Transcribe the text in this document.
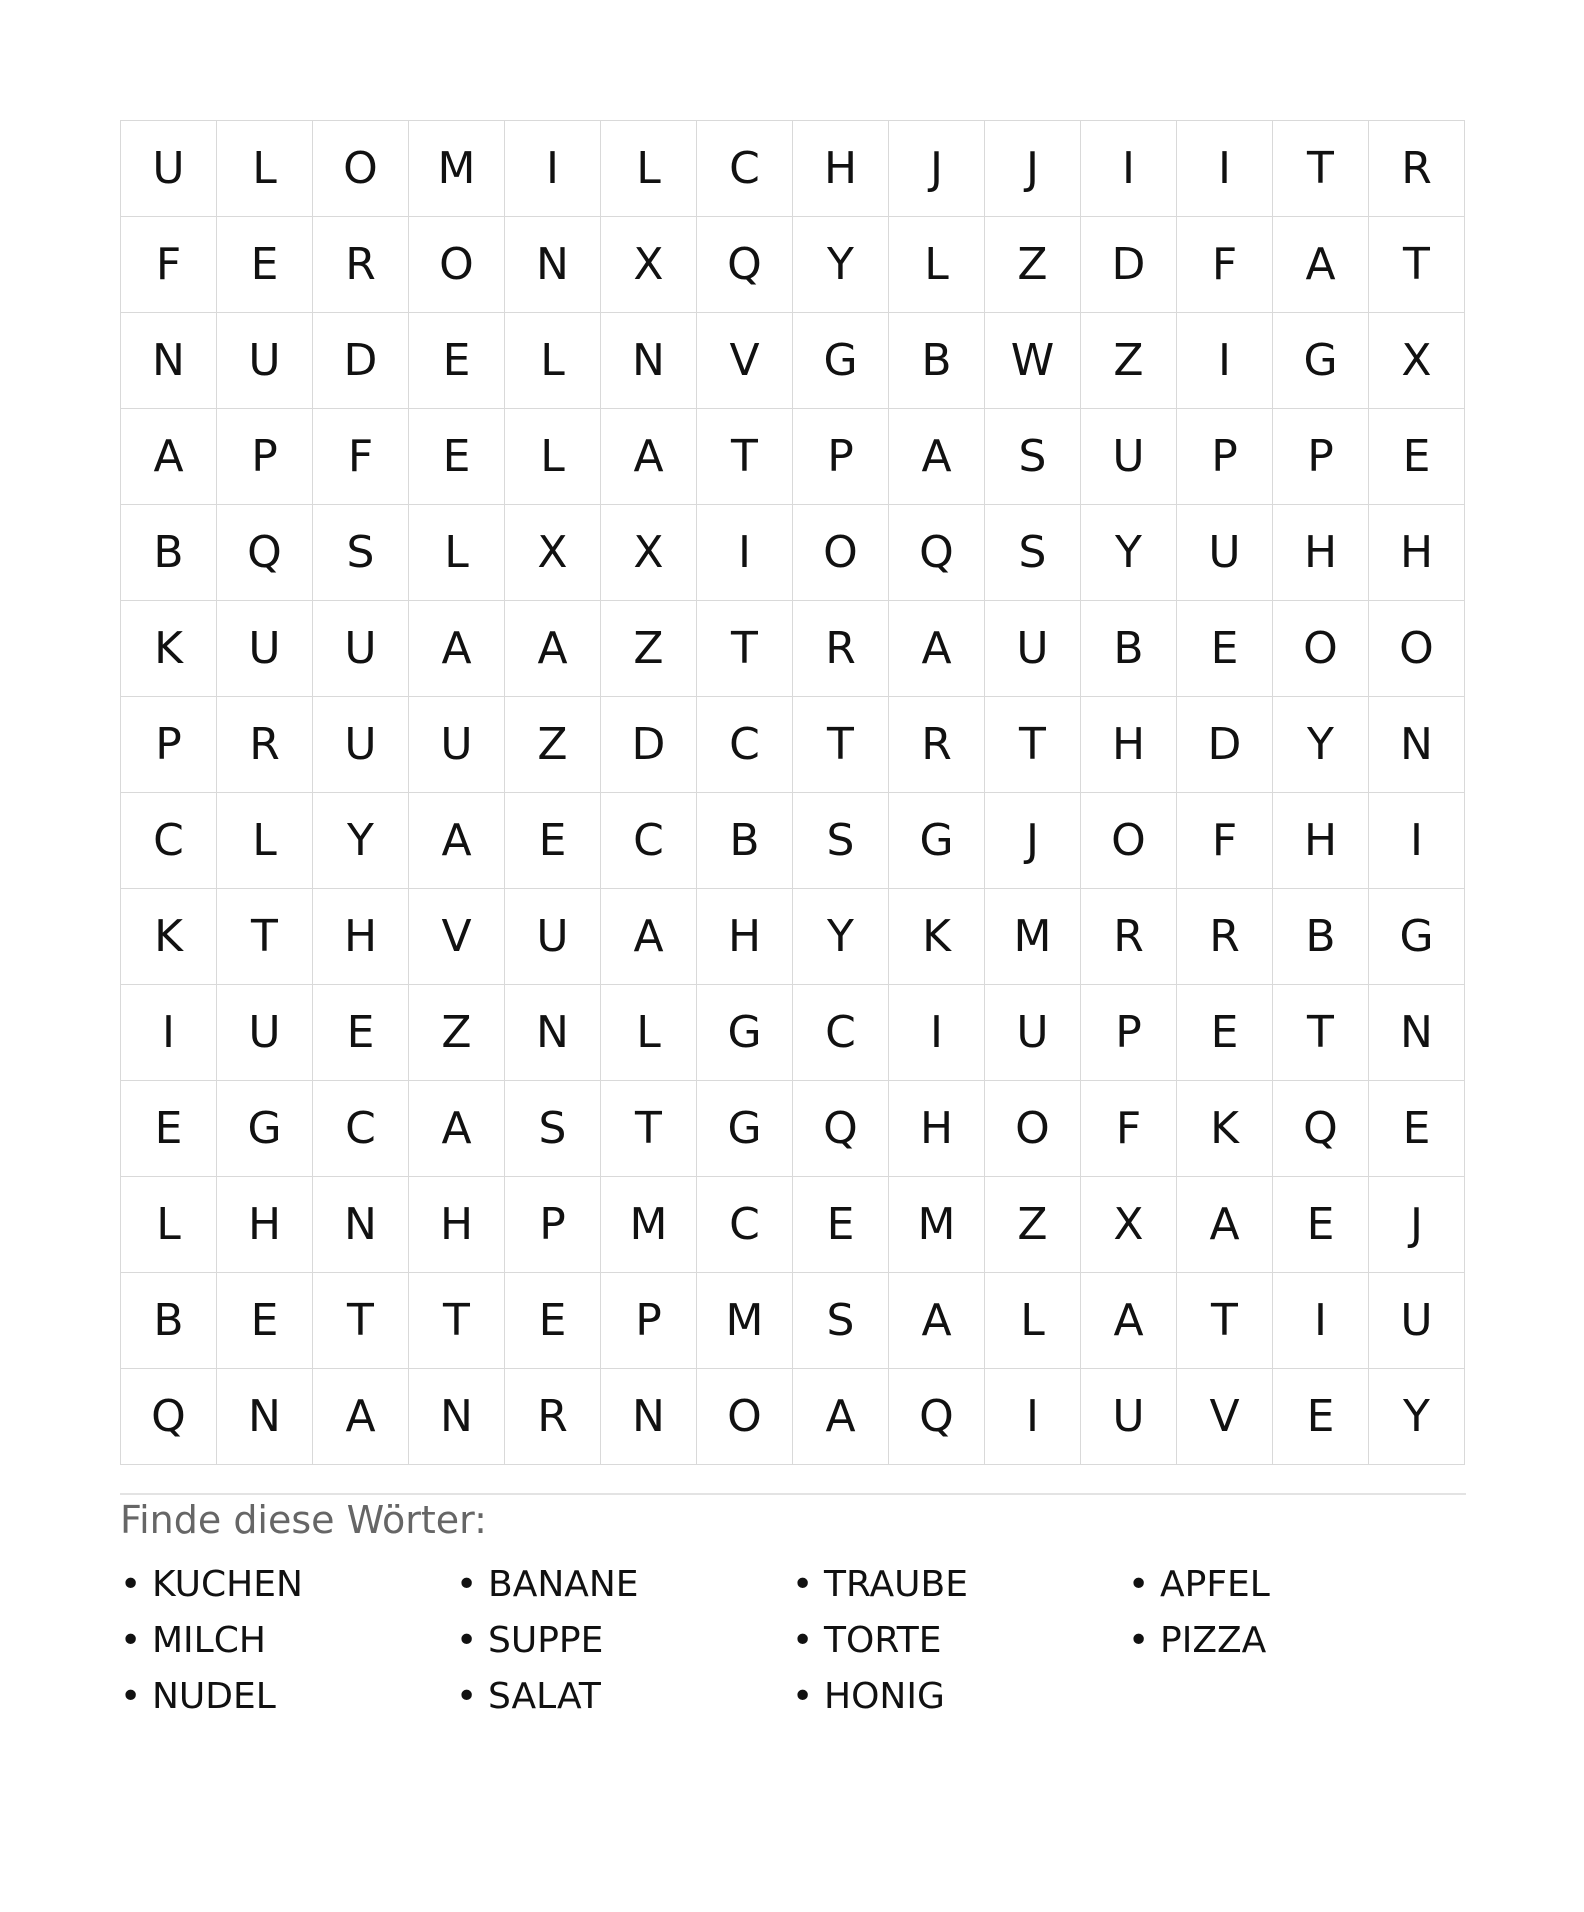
U	L	O	M	I	L	C	H	J	J	I	I	T	R
F	E	R	O	N	X	Q	Y	L	Z	D	F	A	T
N	U	D	E	L	N	V	G	B	W	Z	I	G	X
A	P	F	E	L	A	T	P	A	S	U	P	P	E
B	Q	S	L	X	X	I	O	Q	S	Y	U	H	H
K	U	U	A	A	Z	T	R	A	U	B	E	O	O
P	R	U	U	Z	D	C	T	R	T	H	D	Y	N
C	L	Y	A	E	C	B	S	G	J	O	F	H	I
K	T	H	V	U	A	H	Y	K	M	R	R	B	G
I	U	E	Z	N	L	G	C	I	U	P	E	T	N
E	G	C	A	S	T	G	Q	H	O	F	K	Q	E
L	H	N	H	P	M	C	E	M	Z	X	A	E	J
B	E	T	T	E	P	M	S	A	L	A	T	I	U
Q	N	A	N	R	N	O	A	Q	I	U	V	E	Y
Finde diese Wörter:
• KUCHEN	• BANANE	• TRAUBE	• APFEL
• MILCH	• SUPPE	• TORTE	• PIZZA
• NUDEL	• SALAT	• HONIG
